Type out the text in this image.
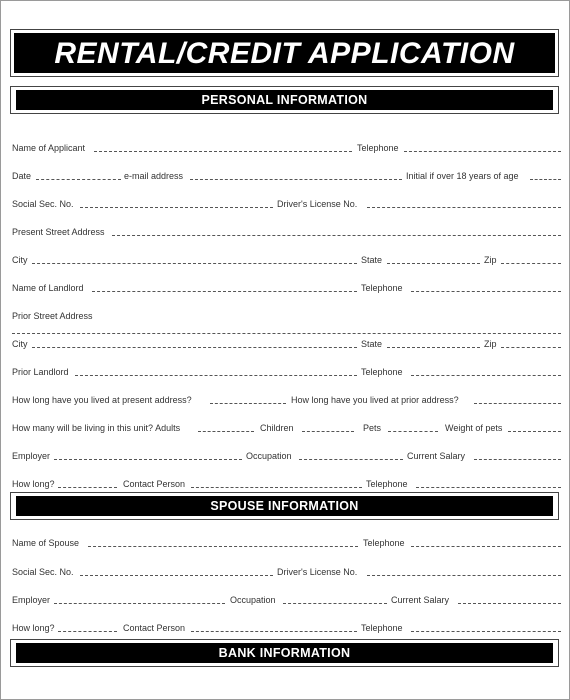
RENTAL/CREDIT APPLICATION
PERSONAL INFORMATION
Name of Applicant	Telephone
Date	e-mail address	Initial if over 18 years of age
Social Sec. No.	Driver's License No.
Present Street Address
City	State	Zip
Name of Landlord	Telephone
Prior Street Address
City	State	Zip
Prior Landlord	Telephone
How long have you lived at present address?	How long have you lived at prior address?
How many will be living in this unit? Adults	Children	Pets	Weight of pets
Employer	Occupation	Current Salary
How long?	Contact Person	Telephone
SPOUSE INFORMATION
Name of Spouse	Telephone
Social Sec. No.	Driver's License No.
Employer	Occupation	Current Salary
How long?	Contact Person	Telephone
BANK INFORMATION
